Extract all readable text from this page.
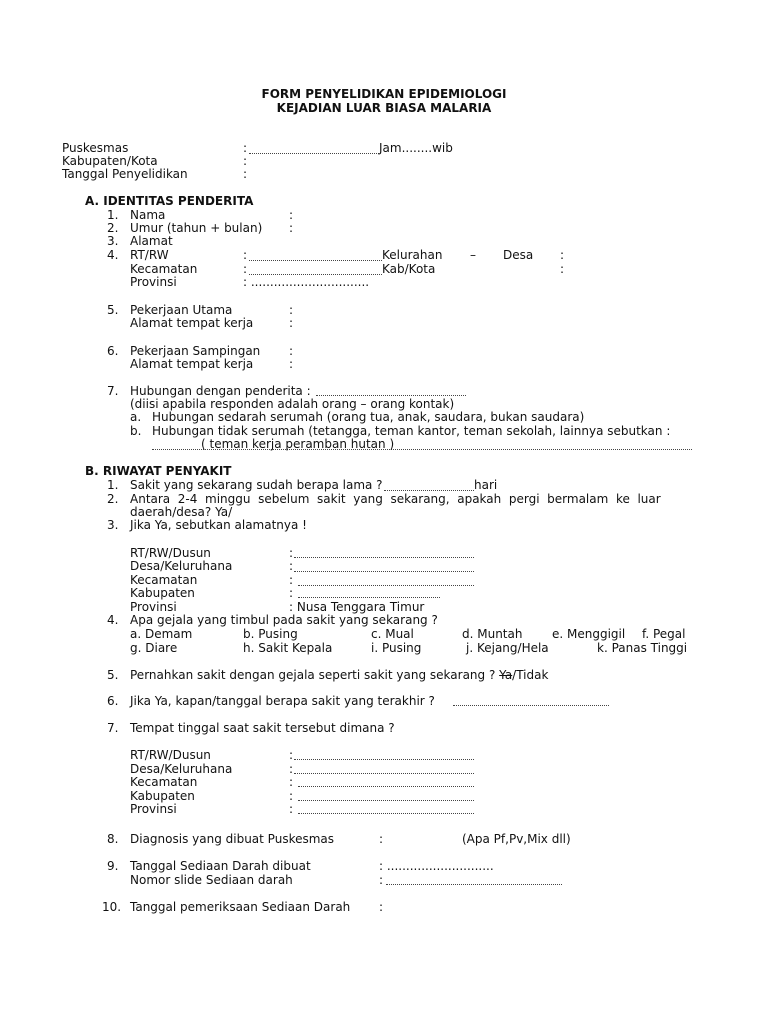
FORM PENYELIDIKAN EPIDEMIOLOGI
KEJADIAN LUAR BIASA MALARIA
Puskesmas	:	Jam........wib
Kabupaten/Kota	:
Tanggal Penyelidikan	:
A. IDENTITAS PENDERITA
1. Nama	:
2. Umur (tahun + bulan) :
3. Alamat
4. RT/RW	:	Kelurahan – Desa :
Kecamatan	:	Kab/Kota	:
Provinsi	: ...............................
5. Pekerjaan Utama	:
Alamat tempat kerja	:
6. Pekerjaan Sampingan :
Alamat tempat kerja	:
7. Hubungan dengan penderita :
(diisi apabila responden adalah orang – orang kontak)
a. Hubungan sedarah serumah (orang tua, anak, saudara, bukan saudara)
b. Hubungan tidak serumah (tetangga, teman kantor, teman sekolah, lainnya sebutkan :
( teman kerja peramban hutan )
B. RIWAYAT PENYAKIT
1. Sakit yang sekarang sudah berapa lama ?	hari
2. Antara  2-4  minggu  sebelum  sakit  yang  sekarang,  apakah  pergi  bermalam  ke  luar
daerah/desa? Ya/
3. Jika Ya, sebutkan alamatnya !
RT/RW/Dusun	:
Desa/Keluruhana	:
Kecamatan	:
Kabupaten	:
Provinsi	: Nusa Tenggara Timur
4. Apa gejala yang timbul pada sakit yang sekarang ?
a. Demam	b. Pusing	c. Mual	d. Muntah e. Menggigil f. Pegal
g. Diare	h. Sakit Kepala	i. Pusing	j. Kejang/Hela	k. Panas Tinggi
5. Pernahkan sakit dengan gejala seperti sakit yang sekarang ? Ya/Tidak
6. Jika Ya, kapan/tanggal berapa sakit yang terakhir ?
7. Tempat tinggal saat sakit tersebut dimana ?
RT/RW/Dusun	:
Desa/Keluruhana	:
Kecamatan	:
Kabupaten	:
Provinsi	:
8. Diagnosis yang dibuat Puskesmas	:	(Apa Pf,Pv,Mix dll)
9. Tanggal Sediaan Darah dibuat	: ............................
Nomor slide Sediaan darah	:
10. Tanggal pemeriksaan Sediaan Darah :
